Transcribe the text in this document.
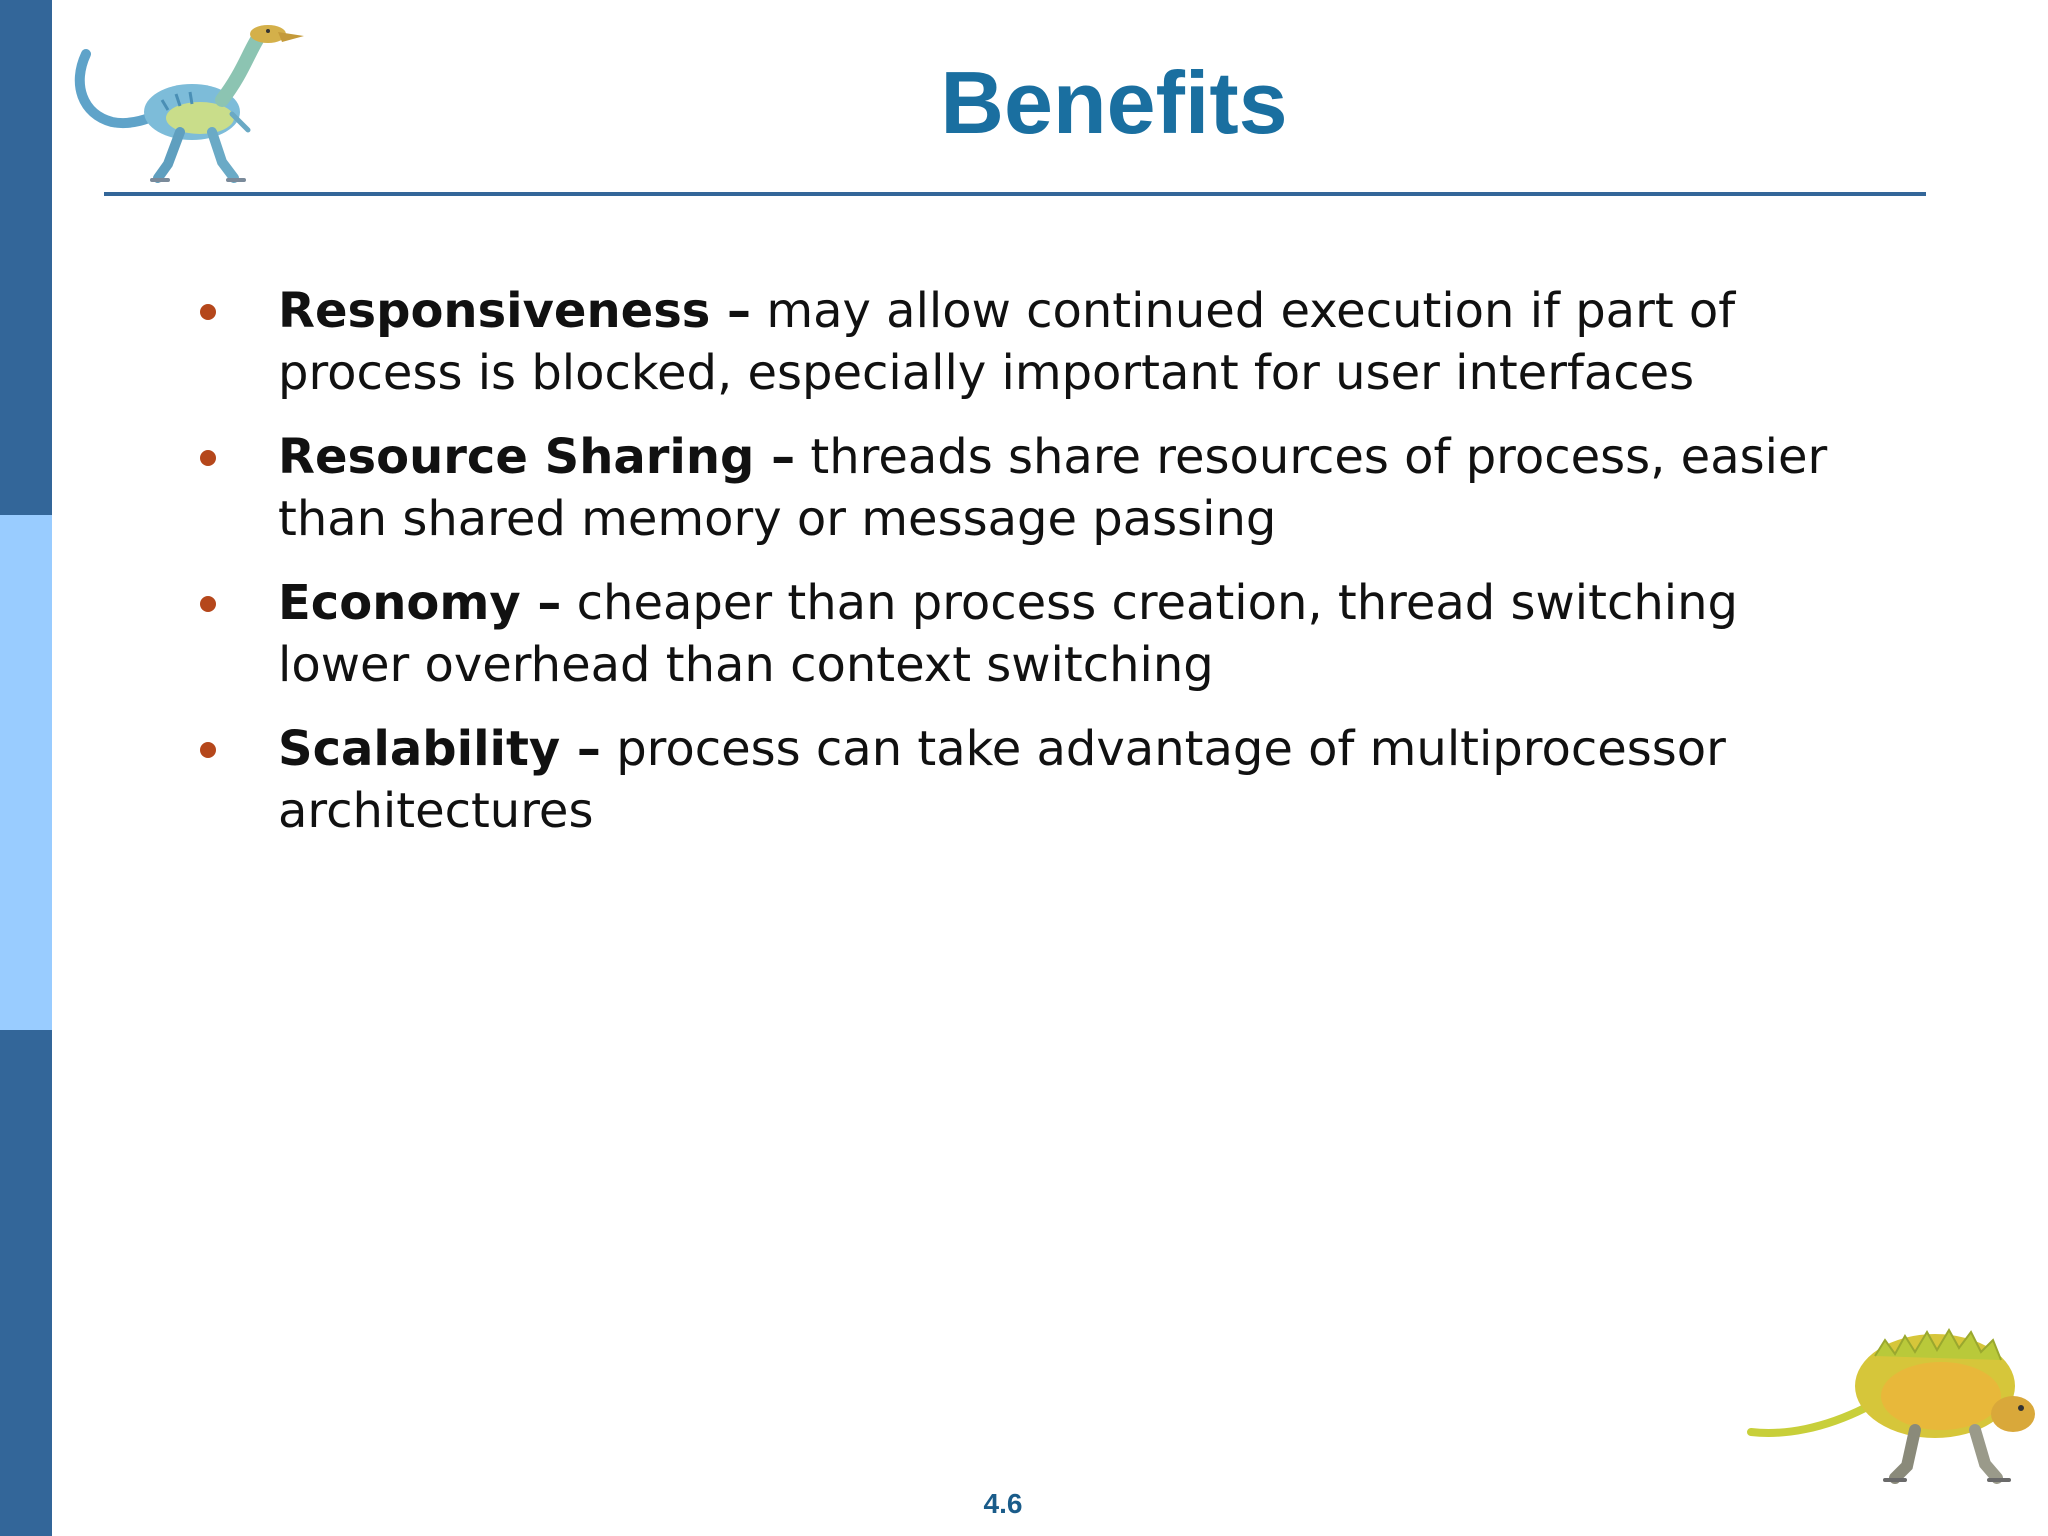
Benefits
Responsiveness – may allow continued execution if part of process is blocked, especially important for user interfaces
Resource Sharing – threads share resources of process, easier than shared memory or message passing
Economy – cheaper than process creation, thread switching lower overhead than context switching
Scalability – process can take advantage of multiprocessor architectures
4.6
